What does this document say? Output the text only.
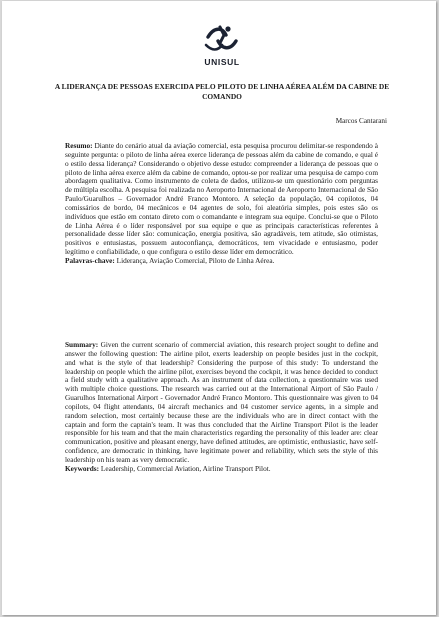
UNISUL
A LIDERANÇA DE PESSOAS EXERCIDA PELO PILOTO DE LINHA AÉREA ALÉM DA CABINE DE COMANDO
Marcos Cantarani
Resumo: Diante do cenário atual da aviação comercial, esta pesquisa procurou delimitar-se respondendo à seguinte pergunta: o piloto de linha aérea exerce liderança de pessoas além da cabine de comando, e qual é o estilo dessa liderança? Considerando o objetivo desse estudo: compreender a liderança de pessoas que o piloto de linha aérea exerce além da cabine de comando, optou-se por realizar uma pesquisa de campo com abordagem qualitativa. Como instrumento de coleta de dados, utilizou-se um questionário com perguntas de múltipla escolha. A pesquisa foi realizada no Aeroporto Internacional de Aeroporto Internacional de São Paulo/Guarulhos – Governador André Franco Montoro. A seleção da população, 04 copilotos, 04 comissários de bordo, 04 mecânicos e 04 agentes de solo, foi aleatória simples, pois estes são os indivíduos que estão em contato direto com o comandante e integram sua equipe. Conclui-se que o Piloto de Linha Aérea é o líder responsável por sua equipe e que as principais características referentes à personalidade desse líder são: comunicação, energia positiva, são agradáveis, tem atitude, são otimistas, positivos e entusiastas, possuem autoconfiança, democráticos, tem vivacidade e entusiasmo, poder legítimo e confiabilidade, o que configura o estilo desse líder em democrático.
Palavras-chave: Liderança, Aviação Comercial, Piloto de Linha Aérea.
Summary: Given the current scenario of commercial aviation, this research project sought to define and answer the following question: The airline pilot, exerts leadership on people besides just in the cockpit, and what is the style of that leadership? Considering the purpose of this study: To understand the leadership on people which the airline pilot, exercises beyond the cockpit, it was hence decided to conduct a field study with a qualitative approach. As an instrument of data collection, a questionnaire was used with multiple choice questions. The research was carried out at the International Airport of São Paulo / Guarulhos International Airport - Governador André Franco Montoro. This questionnaire was given to 04 copilots, 04 flight attendants, 04 aircraft mechanics and 04 customer service agents, in a simple and random selection, most certainly because these are the individuals who are in direct contact with the captain and form the captain's team. It was thus concluded that the Airline Transport Pilot is the leader responsible for his team and that the main characteristics regarding the personality of this leader are: clear communication, positive and pleasant energy, have defined attitudes, are optimistic, enthusiastic, have self-confidence, are democratic in thinking, have legitimate power and reliability, which sets the style of this leadership on his team as very democratic.
Keywords: Leadership, Commercial Aviation, Airline Transport Pilot.
